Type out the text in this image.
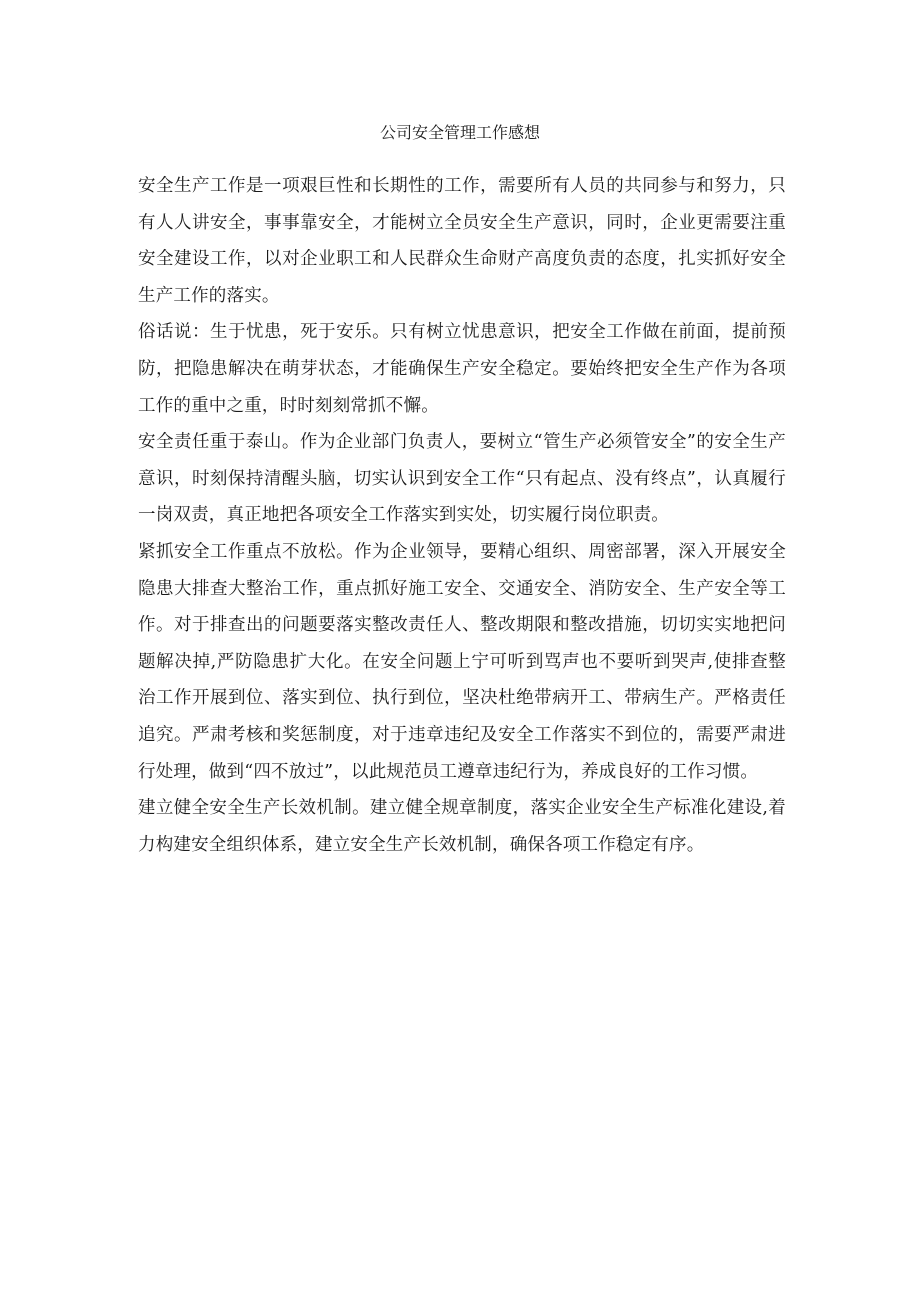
公司安全管理工作感想

安全生产工作是一项艰巨性和长期性的工作，需要所有人员的共同参与和努力，只有人人讲安全，事事靠安全，才能树立全员安全生产意识，同时，企业更需要注重安全建设工作，以对企业职工和人民群众生命财产高度负责的态度，扎实抓好安全生产工作的落实。

俗话说：生于忧患，死于安乐。只有树立忧患意识，把安全工作做在前面，提前预防，把隐患解决在萌芽状态，才能确保生产安全稳定。要始终把安全生产作为各项工作的重中之重，时时刻刻常抓不懈。

安全责任重于泰山。作为企业部门负责人，要树立“管生产必须管安全”的安全生产意识，时刻保持清醒头脑，切实认识到安全工作“只有起点、没有终点”，认真履行一岗双责，真正地把各项安全工作落实到实处，切实履行岗位职责。

紧抓安全工作重点不放松。作为企业领导，要精心组织、周密部署，深入开展安全隐患大排查大整治工作，重点抓好施工安全、交通安全、消防安全、生产安全等工作。对于排查出的问题要落实整改责任人、整改期限和整改措施，切切实实地把问题解决掉,严防隐患扩大化。在安全问题上宁可听到骂声也不要听到哭声,使排查整治工作开展到位、落实到位、执行到位，坚决杜绝带病开工、带病生产。严格责任追究。严肃考核和奖惩制度，对于违章违纪及安全工作落实不到位的，需要严肃进行处理，做到“四不放过”，以此规范员工遵章违纪行为，养成良好的工作习惯。

建立健全安全生产长效机制。建立健全规章制度，落实企业安全生产标准化建设,着力构建安全组织体系，建立安全生产长效机制，确保各项工作稳定有序。
